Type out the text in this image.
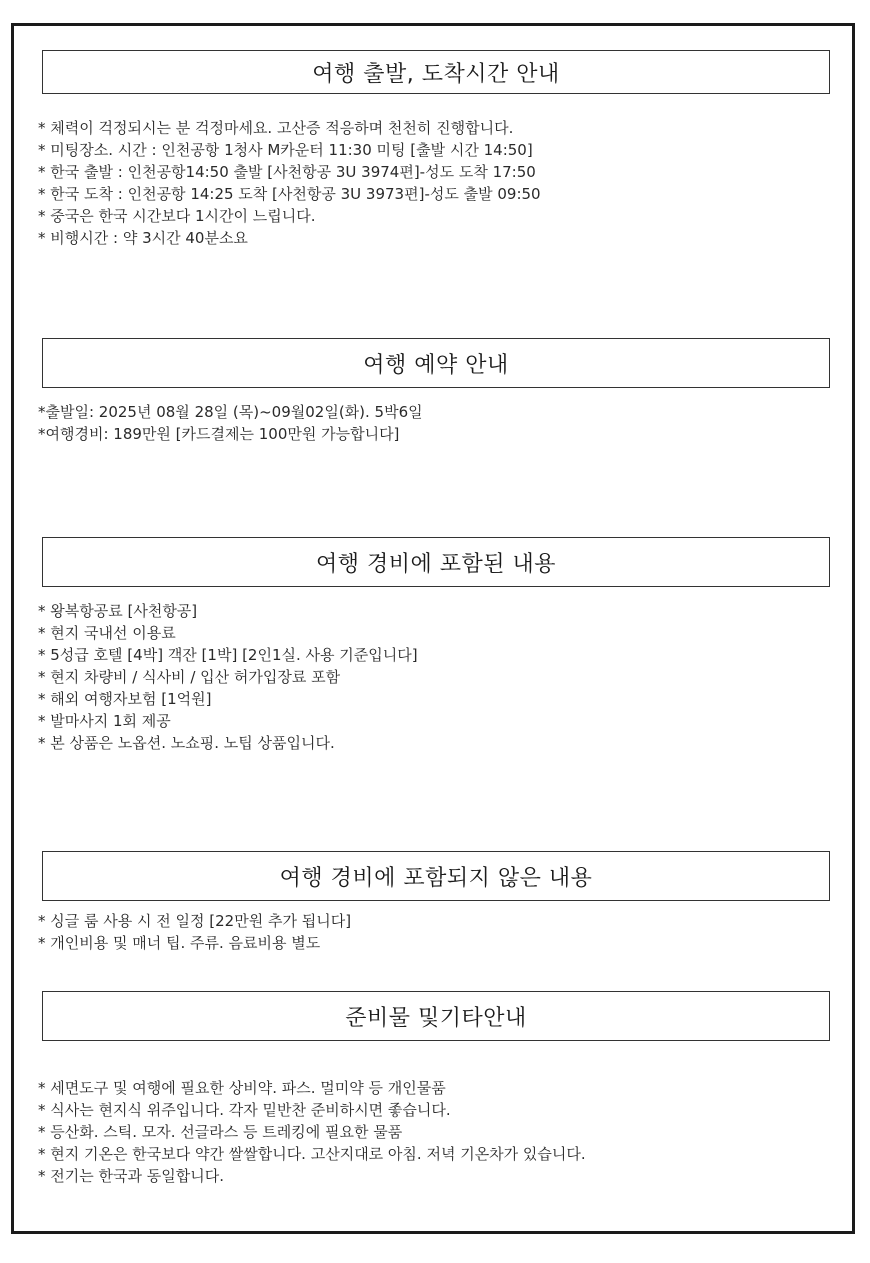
여행 출발, 도착시간 안내
* 체력이 걱정되시는 분 걱정마세요. 고산증 적응하며 천천히 진행합니다.
* 미팅장소. 시간 : 인천공항 1청사 M카운터 11:30 미팅 [출발 시간 14:50]
* 한국 출발 : 인천공항14:50 출발 [사천항공 3U 3974편]-성도 도착 17:50
* 한국 도착 : 인천공항 14:25 도착 [사천항공 3U 3973편]-성도 출발 09:50
* 중국은 한국 시간보다 1시간이 느립니다.
* 비행시간 : 약 3시간 40분소요
여행 예약 안내
*출발일: 2025년 08월 28일 (목)~09월02일(화). 5박6일
*여행경비: 189만원 [카드결제는 100만원 가능합니다]
여행 경비에 포함된 내용
* 왕복항공료 [사천항공]
* 현지 국내선 이용료
* 5성급 호텔 [4박] 객잔 [1박] [2인1실. 사용 기준입니다]
* 현지 차량비 / 식사비 / 입산 허가입장료 포함
* 해외 여행자보험 [1억원]
* 발마사지 1회 제공
* 본 상품은 노옵션. 노쇼핑. 노팁 상품입니다.
여행 경비에 포함되지 않은 내용
* 싱글 룸 사용 시 전 일정 [22만원 추가 됩니다]
* 개인비용 및 매너 팁. 주류. 음료비용 별도
준비물 및기타안내
* 세면도구 및 여행에 필요한 상비약. 파스. 멀미약 등 개인물품
* 식사는 현지식 위주입니다. 각자 밑반찬 준비하시면 좋습니다.
* 등산화. 스틱. 모자. 선글라스 등 트레킹에 필요한 물품
* 현지 기온은 한국보다 약간 쌀쌀합니다. 고산지대로 아침. 저녁 기온차가 있습니다.
* 전기는 한국과 동일합니다.
